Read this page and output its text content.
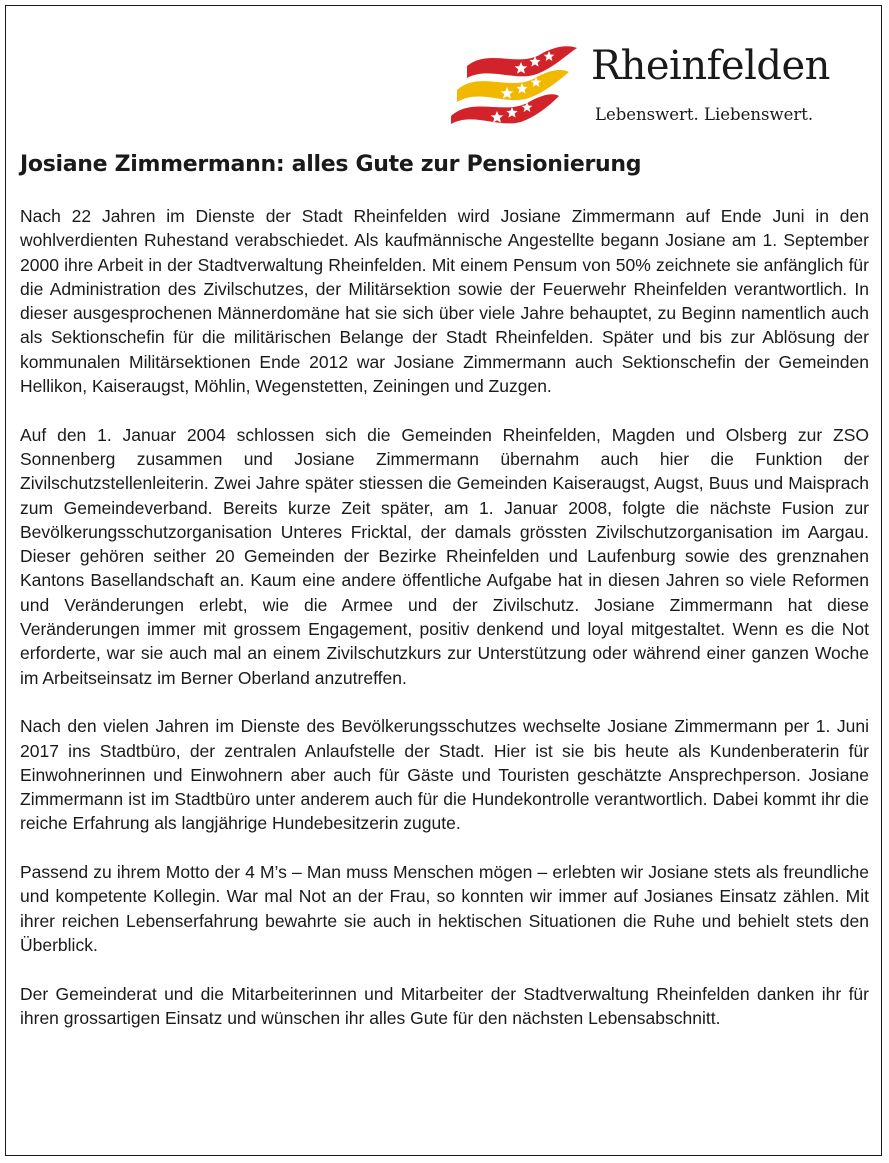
Rheinfelden
Lebenswert. Liebenswert.
Josiane Zimmermann: alles Gute zur Pensionierung

Nach 22 Jahren im Dienste der Stadt Rheinfelden wird Josiane Zimmermann auf Ende Juni in den wohlverdienten Ruhestand verabschiedet. Als kaufmännische Angestellte begann Josiane am 1. September 2000 ihre Arbeit in der Stadtverwaltung Rheinfelden. Mit einem Pensum von 50% zeichnete sie anfänglich für die Administration des Zivilschutzes, der Militärsektion sowie der Feuerwehr Rheinfelden verantwortlich. In dieser ausgesprochenen Männerdomäne hat sie sich über viele Jahre behauptet, zu Beginn namentlich auch als Sektionschefin für die militärischen Belange der Stadt Rheinfelden. Später und bis zur Ablösung der kommunalen Militärsektionen Ende 2012 war Josiane Zimmermann auch Sektionschefin der Gemeinden Hellikon, Kaiseraugst, Möhlin, Wegenstetten, Zeiningen und Zuzgen.

Auf den 1. Januar 2004 schlossen sich die Gemeinden Rheinfelden, Magden und Olsberg zur ZSO Sonnenberg zusammen und Josiane Zimmermann übernahm auch hier die Funktion der Zivilschutzstellenleiterin. Zwei Jahre später stiessen die Gemeinden Kaiseraugst, Augst, Buus und Maisprach zum Gemeindeverband. Bereits kurze Zeit später, am 1. Januar 2008, folgte die nächste Fusion zur Bevölkerungsschutzorganisation Unteres Fricktal, der damals grössten Zivilschutzorganisation im Aargau. Dieser gehören seither 20 Gemeinden der Bezirke Rheinfelden und Laufenburg sowie des grenznahen Kantons Basellandschaft an. Kaum eine andere öffentliche Aufgabe hat in diesen Jahren so viele Reformen und Veränderungen erlebt, wie die Armee und der Zivilschutz. Josiane Zimmermann hat diese Veränderungen immer mit grossem Engagement, positiv denkend und loyal mitgestaltet. Wenn es die Not erforderte, war sie auch mal an einem Zivilschutzkurs zur Unterstützung oder während einer ganzen Woche im Arbeitseinsatz im Berner Oberland anzutreffen.

Nach den vielen Jahren im Dienste des Bevölkerungsschutzes wechselte Josiane Zimmermann per 1. Juni 2017 ins Stadtbüro, der zentralen Anlaufstelle der Stadt. Hier ist sie bis heute als Kundenberaterin für Einwohnerinnen und Einwohnern aber auch für Gäste und Touristen geschätzte Ansprechperson. Josiane Zimmermann ist im Stadtbüro unter anderem auch für die Hundekontrolle verantwortlich. Dabei kommt ihr die reiche Erfahrung als langjährige Hundebesitzerin zugute.

Passend zu ihrem Motto der 4 M’s – Man muss Menschen mögen – erlebten wir Josiane stets als freundliche und kompetente Kollegin. War mal Not an der Frau, so konnten wir immer auf Josianes Einsatz zählen. Mit ihrer reichen Lebenserfahrung bewahrte sie auch in hektischen Situationen die Ruhe und behielt stets den Überblick.

Der Gemeinderat und die Mitarbeiterinnen und Mitarbeiter der Stadtverwaltung Rheinfelden danken ihr für ihren grossartigen Einsatz und wünschen ihr alles Gute für den nächsten Lebensabschnitt.
